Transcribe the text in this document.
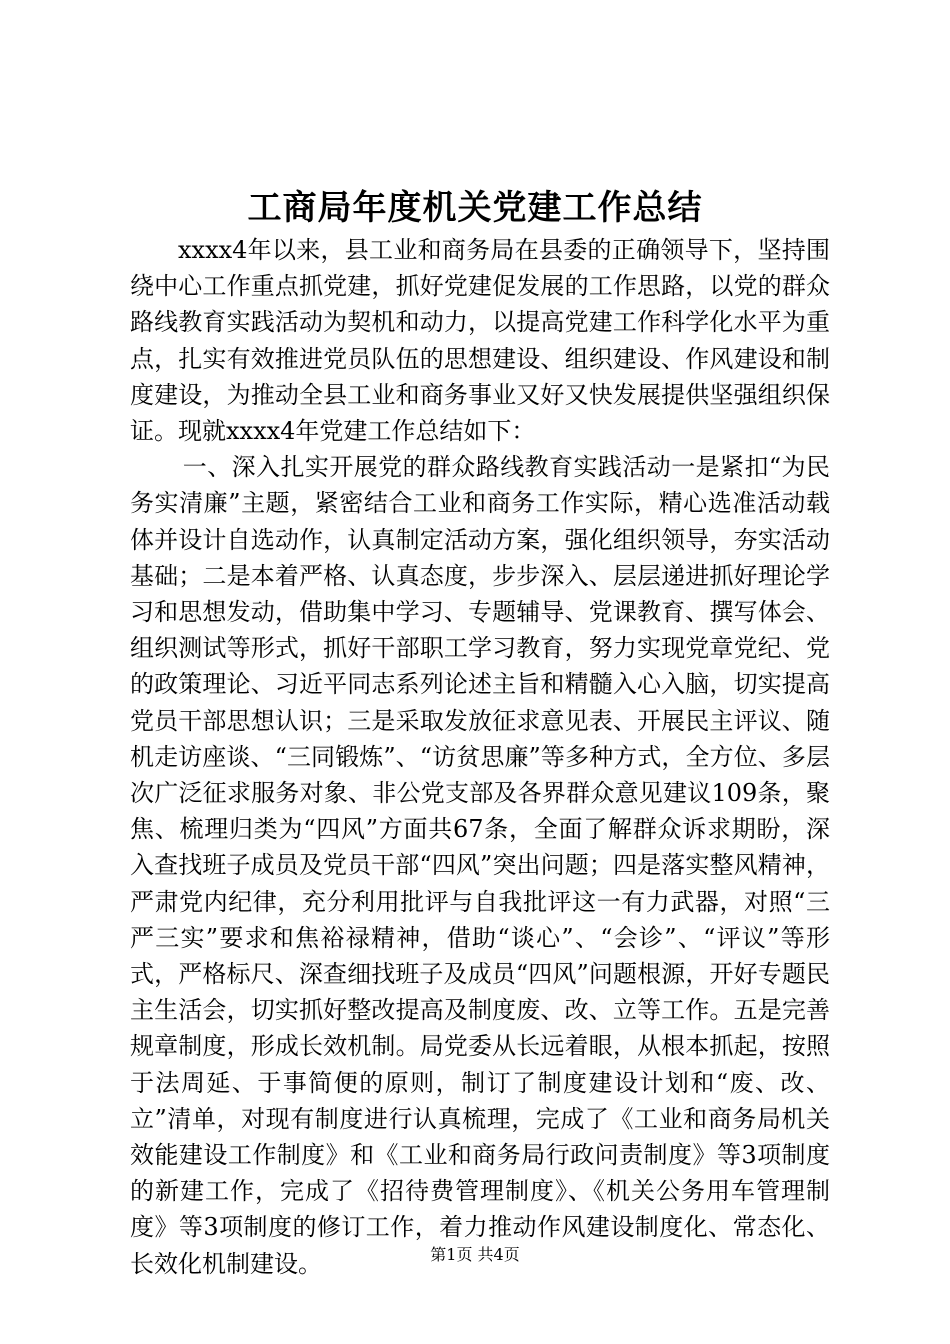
工商局年度机关党建工作总结

xxxx4年以来，县工业和商务局在县委的正确领导下，坚持围绕中心工作重点抓党建，抓好党建促发展的工作思路，以党的群众路线教育实践活动为契机和动力，以提高党建工作科学化水平为重点，扎实有效推进党员队伍的思想建设、组织建设、作风建设和制度建设，为推动全县工业和商务事业又好又快发展提供坚强组织保证。现就xxxx4年党建工作总结如下：

一、深入扎实开展党的群众路线教育实践活动一是紧扣“为民务实清廉”主题，紧密结合工业和商务工作实际，精心选准活动载体并设计自选动作，认真制定活动方案，强化组织领导，夯实活动基础；二是本着严格、认真态度，步步深入、层层递进抓好理论学习和思想发动，借助集中学习、专题辅导、党课教育、撰写体会、组织测试等形式，抓好干部职工学习教育，努力实现党章党纪、党的政策理论、习近平同志系列论述主旨和精髓入心入脑，切实提高党员干部思想认识；三是采取发放征求意见表、开展民主评议、随机走访座谈、“三同锻炼”、“访贫思廉”等多种方式，全方位、多层次广泛征求服务对象、非公党支部及各界群众意见建议109条，聚焦、梳理归类为“四风”方面共67条，全面了解群众诉求期盼，深入查找班子成员及党员干部“四风”突出问题；四是落实整风精神，严肃党内纪律，充分利用批评与自我批评这一有力武器，对照“三严三实”要求和焦裕禄精神，借助“谈心”、“会诊”、“评议”等形式，严格标尺、深查细找班子及成员“四风”问题根源，开好专题民主生活会，切实抓好整改提高及制度废、改、立等工作。五是完善规章制度，形成长效机制。局党委从长远着眼，从根本抓起，按照于法周延、于事简便的原则，制订了制度建设计划和“废、改、立”清单，对现有制度进行认真梳理，完成了《工业和商务局机关效能建设工作制度》和《工业和商务局行政问责制度》等3项制度的新建工作，完成了《招待费管理制度》、《机关公务用车管理制度》等3项制度的修订工作，着力推动作风建设制度化、常态化、长效化机制建设。	第1页 共4页
